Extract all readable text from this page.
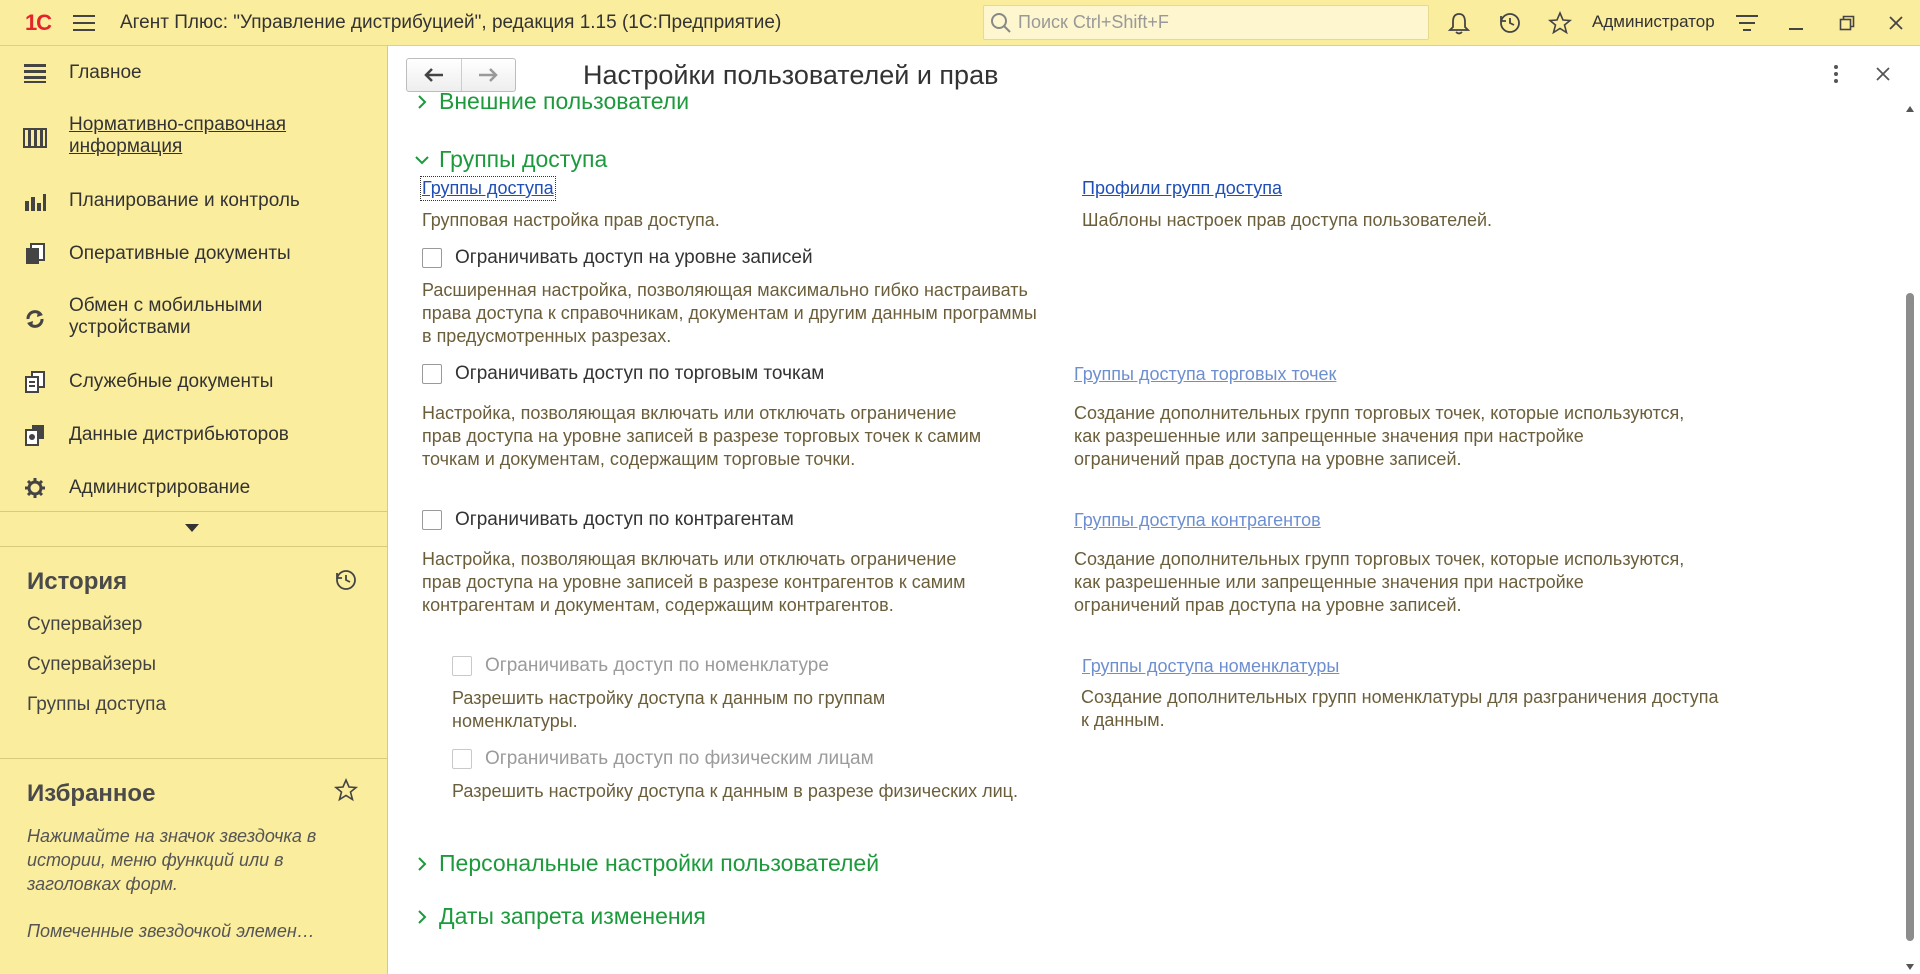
1С	Агент Плюс: "Управление дистрибуцией", редакция 1.15 (1С:Предприятие)	Поиск Ctrl+Shift+F	Администратор
Главное
Нормативно-справочная информация
Планирование и контроль
Оперативные документы
Обмен с мобильными устройствами
Служебные документы
Данные дистрибьюторов
Администрирование
История
Супервайзер
Супервайзеры
Группы доступа
Избранное
Нажимайте на значок звездочка в истории, меню функций или в заголовках форм.
Помеченные звездочкой элемен…
Настройки пользователей и прав
Внешние пользователи
Группы доступа
Группы доступа
Групповая настройка прав доступа.
Профили групп доступа
Шаблоны настроек прав доступа пользователей.
Ограничивать доступ на уровне записей
Расширенная настройка, позволяющая максимально гибко настраивать права доступа к справочникам, документам и другим данным программы в предусмотренных разрезах.
Ограничивать доступ по торговым точкам
Настройка, позволяющая включать или отключать ограничение прав доступа на уровне записей в разрезе торговых точек к самим точкам и документам, содержащим торговые точки.
Группы доступа торговых точек
Создание дополнительных групп торговых точек, которые используются, как разрешенные или запрещенные значения при настройке ограничений прав доступа на уровне записей.
Ограничивать доступ по контрагентам
Настройка, позволяющая включать или отключать ограничение прав доступа на уровне записей в разрезе контрагентов к самим контрагентам и документам, содержащим контрагентов.
Группы доступа контрагентов
Создание дополнительных групп торговых точек, которые используются, как разрешенные или запрещенные значения при настройке ограничений прав доступа на уровне записей.
Ограничивать доступ по номенклатуре
Разрешить настройку доступа к данным по группам номенклатуры.
Группы доступа номенклатуры
Создание дополнительных групп номенклатуры для разграничения доступа к данным.
Ограничивать доступ по физическим лицам
Разрешить настройку доступа к данным в разрезе физических лиц.
Персональные настройки пользователей
Даты запрета изменения
